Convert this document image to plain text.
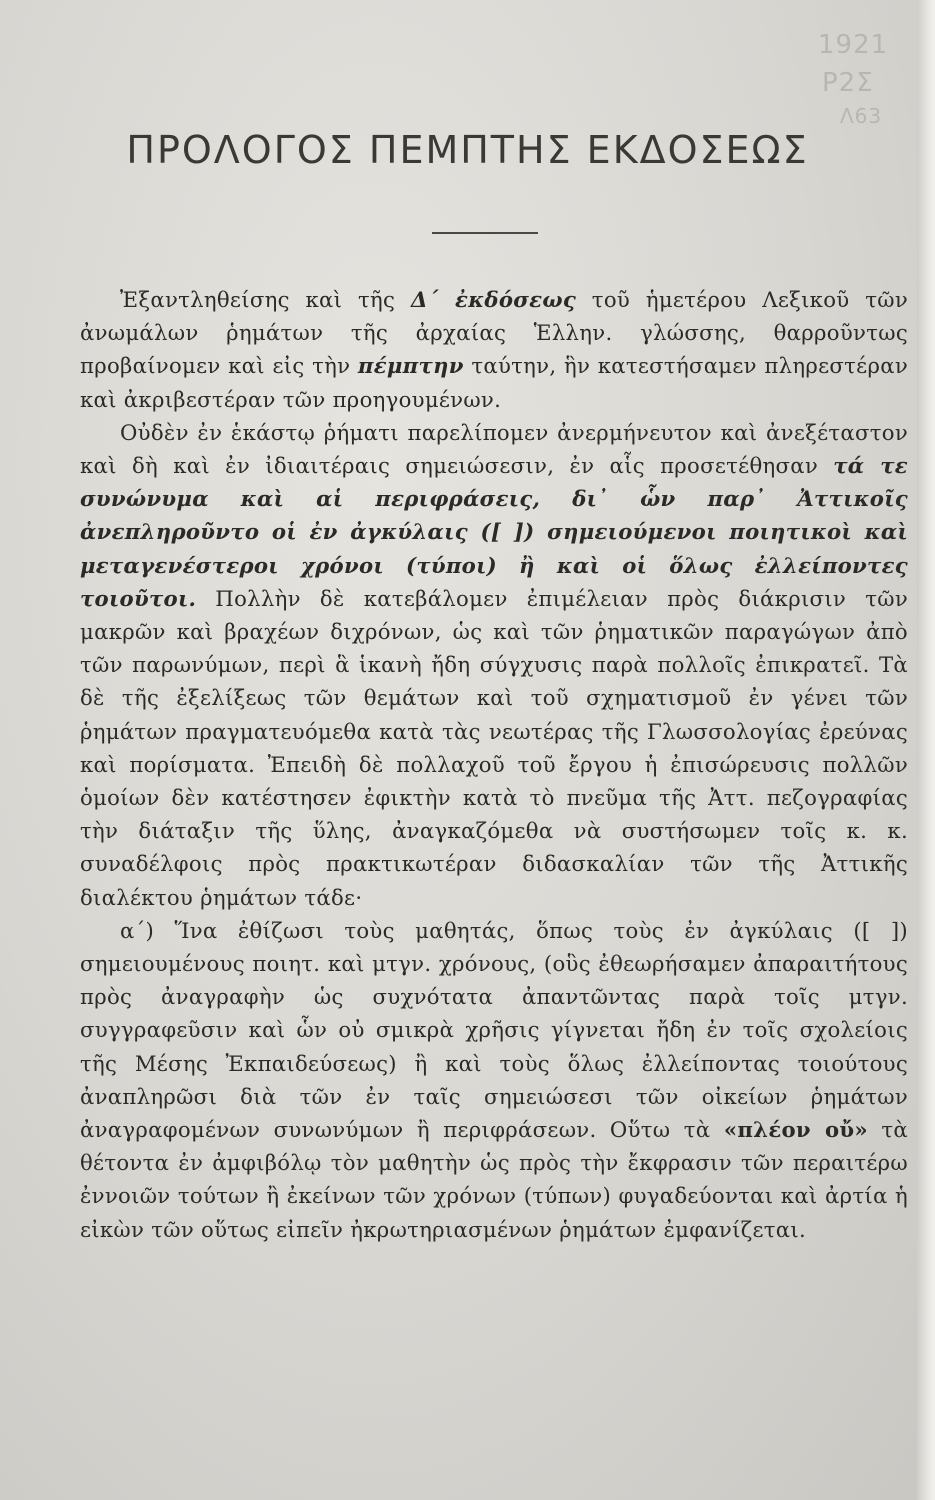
1921
P2Σ
Λ63
ΠΡΟΛΟΓΟΣ ΠΕΜΠΤΗΣ ΕΚΔΟΣΕΩΣ

Ἐξαντληθείσης καὶ τῆς Δ΄ ἐκδόσεως τοῦ ἡμετέρου Λεξικοῦ τῶν ἀνωμάλων ῥημάτων τῆς ἀρχαίας Ἑλλην. γλώσσης, θαρροῦντως προβαίνομεν καὶ εἰς τὴν πέμπτην ταύτην, ἣν κατεστήσαμεν πληρεστέραν καὶ ἀκριβεστέραν τῶν προηγουμένων.

Οὐδὲν ἐν ἑκάστῳ ῥήματι παρελίπομεν ἀνερμήνευτον καὶ ἀνεξέταστον καὶ δὴ καὶ ἐν ἰδιαιτέραις σημειώσεσιν, ἐν αἷς προσετέθησαν τά τε συνώνυμα καὶ αἱ περιφράσεις, δι᾽ ὧν παρ᾽ Ἀττικοῖς ἀνεπληροῦντο οἱ ἐν ἀγκύλαις ([ ]) σημειούμενοι ποιητικοὶ καὶ μεταγενέστεροι χρόνοι (τύποι) ἢ καὶ οἱ ὅλως ἐλλείποντες τοιοῦτοι. Πολλὴν δὲ κατεβάλομεν ἐπιμέλειαν πρὸς διάκρισιν τῶν μακρῶν καὶ βραχέων διχρόνων, ὡς καὶ τῶν ῥηματικῶν παραγώγων ἀπὸ τῶν παρωνύμων, περὶ ἃ ἱκανὴ ἤδη σύγχυσις παρὰ πολλοῖς ἐπικρατεῖ. Τὰ δὲ τῆς ἐξελίξεως τῶν θεμάτων καὶ τοῦ σχηματισμοῦ ἐν γένει τῶν ῥημάτων πραγματευόμεθα κατὰ τὰς νεωτέρας τῆς Γλωσσολογίας ἐρεύνας καὶ πορίσματα. Ἐπειδὴ δὲ πολλαχοῦ τοῦ ἔργου ἡ ἐπισώρευσις πολλῶν ὁμοίων δὲν κατέστησεν ἐφικτὴν κατὰ τὸ πνεῦμα τῆς Ἀττ. πεζογραφίας τὴν διάταξιν τῆς ὕλης, ἀναγκαζόμεθα νὰ συστήσωμεν τοῖς κ. κ. συναδέλφοις πρὸς πρακτικωτέραν διδασκαλίαν τῶν τῆς Ἀττικῆς διαλέκτου ῥημάτων τάδε·

α΄) Ἵνα ἐθίζωσι τοὺς μαθητάς, ὅπως τοὺς ἐν ἀγκύλαις ([ ]) σημειουμένους ποιητ. καὶ μτγν. χρόνους, (οὓς ἐθεωρήσαμεν ἀπαραιτήτους πρὸς ἀναγραφὴν ὡς συχνότατα ἀπαντῶντας παρὰ τοῖς μτγν. συγγραφεῦσιν καὶ ὧν οὐ σμικρὰ χρῆσις γίγνεται ἤδη ἐν τοῖς σχολείοις τῆς Μέσης Ἐκπαιδεύσεως) ἢ καὶ τοὺς ὅλως ἐλλείποντας τοιούτους ἀναπληρῶσι διὰ τῶν ἐν ταῖς σημειώσεσι τῶν οἰκείων ῥημάτων ἀναγραφομένων συνωνύμων ἢ περιφράσεων. Οὕτω τὰ «πλέον οὔ» τὰ θέτοντα ἐν ἀμφιβόλῳ τὸν μαθητὴν ὡς πρὸς τὴν ἔκφρασιν τῶν περαιτέρω ἐννοιῶν τούτων ἢ ἐκείνων τῶν χρόνων (τύπων) φυγαδεύονται καὶ ἀρτία ἡ εἰκὼν τῶν οὕτως εἰπεῖν ἠκρωτηριασμένων ῥημάτων ἐμφανίζεται.
